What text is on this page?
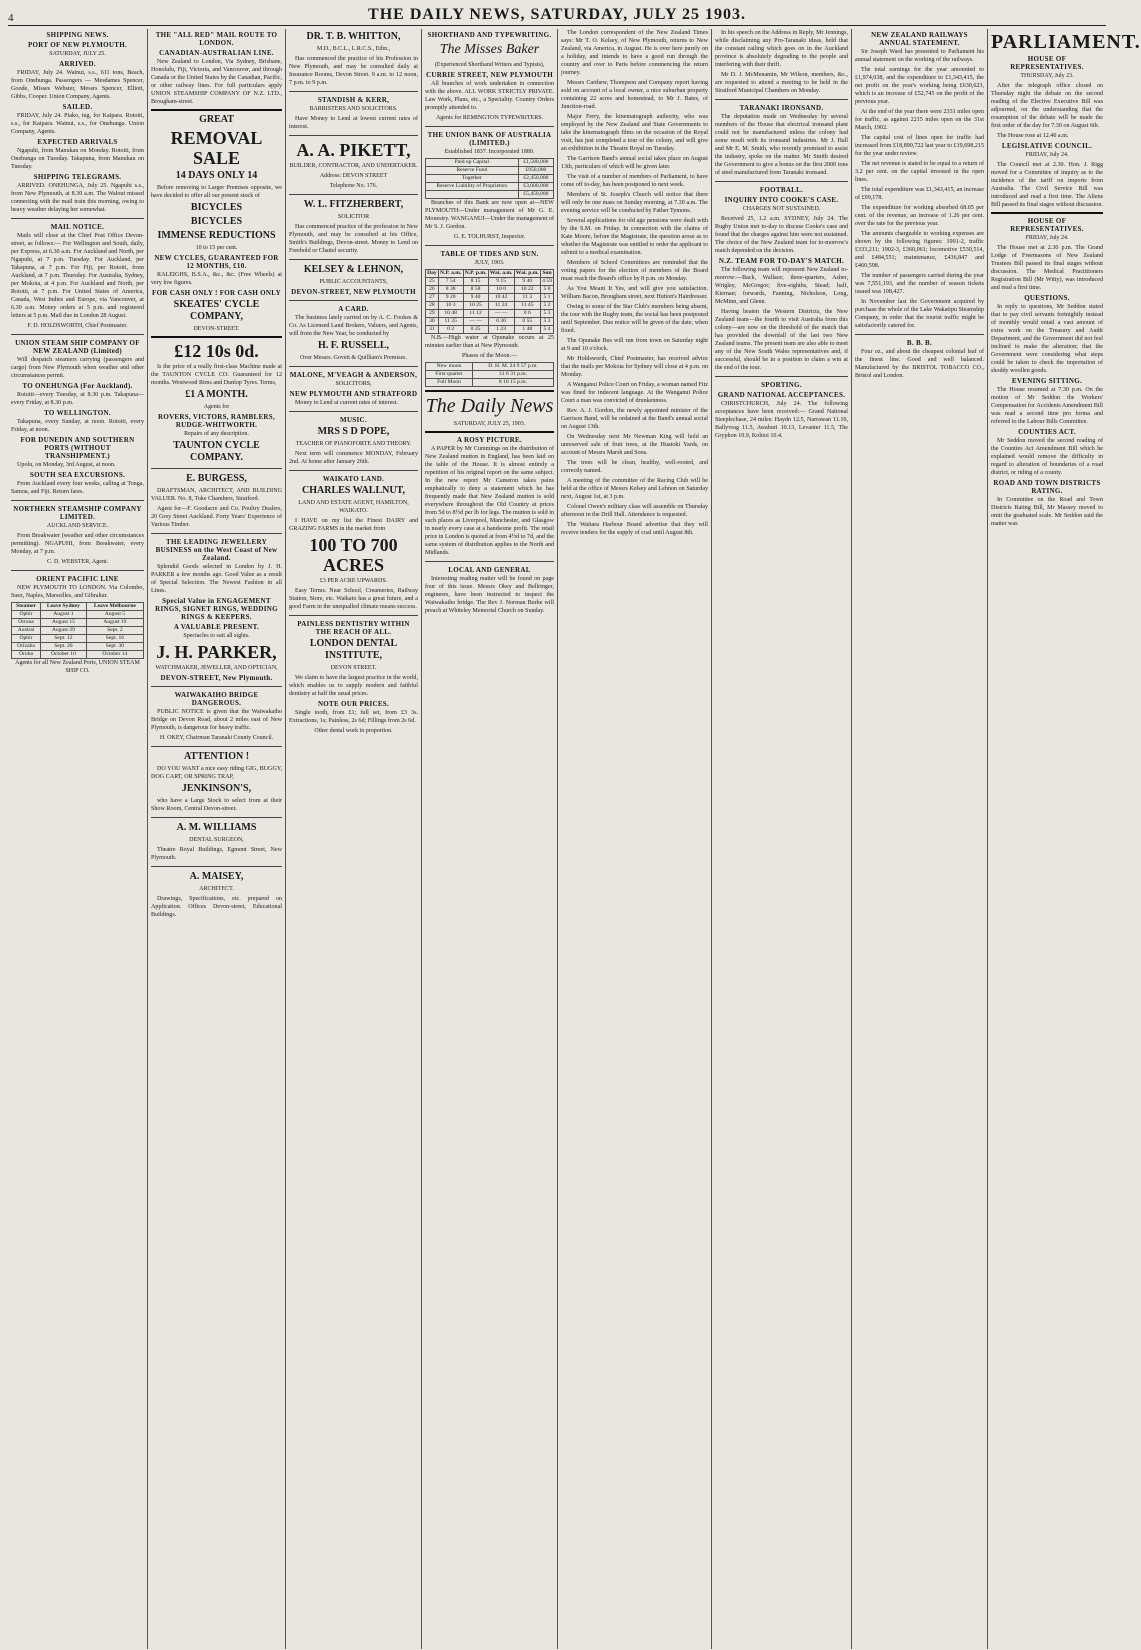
4	THE DAILY NEWS, SATURDAY, JULY 25 1903.
SHIPPING NEWS.
PORT OF NEW PLYMOUTH.
SATURDAY, JULY 25.
ARRIVED.
FRIDAY, July 24. Wainui, s.s., 611 tons, Beach, from Onehunga. Passengers — Mesdames Spencer, Goode, Misses Webster, Messrs Spencer, Elliott, Gibbs, Cooper. Union Company, Agents.
SAILED.
FRIDAY, July 24. Piako, tug, for Kaipara. Rotoiti, s.s., for Kaipara. Wainui, s.s., for Onehunga. Union Company, Agents.
EXPECTED ARRIVALS
Ngapuhi, from Manukau on Monday. Rotoiti, from Onehunga on Tuesday. Takapuna, from Manukau on Tuesday.
SHIPPING TELEGRAMS.
ARRIVED. ONEHUNGA, July 25. Ngapuhi s.s., from New Plymouth, at 8.30 a.m. The Walout missed connecting with the mail train this morning, owing to heavy weather delaying her somewhat.
MAIL NOTICE.
Mails will close at the Chief Post Office Devon-street, as follows:— For Wellington and South, daily, per Express, at 6.30 a.m. For Auckland and North, per Ngapuhi, at 7 p.m. Tuesday. For Auckland, per Takapuna, at 7 p.m. For Fiji, per Rotoiti, from Auckland, at 7 p.m. Thursday. For Australia, Sydney, per Mokoia, at 4 p.m. For Auckland and North, per Rotoiti, at 7 p.m. For United States of America, Canada, West Indies and Europe, via Vancouver, at 6.30 a.m. Money orders at 5 p.m. and registered letters at 5 p.m. Mail due in London 28 August.
F. D. HOLDSWORTH, Chief Postmaster.
UNION STEAM SHIP COMPANY OF NEW ZEALAND (Limited)
Will despatch steamers carrying (passengers and cargo) from New Plymouth when weather and other circumstances permit.
TO ONEHUNGA (For Auckland).
Rotoiti—every Tuesday, at 8.30 p.m. Takapuna—every Friday, at 8.30 p.m.
TO WELLINGTON.
Takapuna, every Sunday, at noon. Rotoiti, every Friday, at noon.
FOR DUNEDIN AND SOUTHERN PORTS (WITHOUT TRANSHIPMENT.)
Upolu, on Monday, 3rd August, at noon.
SOUTH SEA EXCURSIONS.
From Auckland every four weeks, calling at Tonga, Samoa, and Fiji. Return fares.
NORTHERN STEAMSHIP COMPANY LIMITED.
AUCKLAND SERVICE.
From Breakwater (weather and other circumstances permitting). NGAPUHI, from Breakwater, every Monday, at 7 p.m.
C. D. WEBSTER, Agent.
ORIENT PACIFIC LINE
NEW PLYMOUTH TO LONDON. Via Colombo, Suez, Naples, Marseilles, and Gibraltar.
Steamer	Leave Sydney	Leave Melbourne
Ophir	August 1	August 5
Ortona	August 15	August 19
Austral	August 29	Sept. 2
Ophir	Sept. 12	Sept. 16
Orizaba	Sept. 26	Sept. 30
Oruba	October 10	October 14
Agents for all New Zealand Ports, UNION STEAM SHIP CO.
THE "ALL RED" MAIL ROUTE TO LONDON.
CANADIAN-AUSTRALIAN LINE.
New Zealand to London, Via Sydney, Brisbane, Honolulu, Fiji, Victoria, and Vancouver, and through Canada or the United States by the Canadian, Pacific, or other railway lines. For full particulars apply UNION STEAMSHIP COMPANY OF N.Z. LTD., Brougham-street.
GREAT
REMOVAL SALE
14 DAYS ONLY 14
Before removing to Larger Premises opposite, we have decided to offer all our present stock of
BICYCLES
BICYCLES
IMMENSE REDUCTIONS
10 to 15 per cent.
NEW CYCLES, GUARANTEED FOR 12 MONTHS, £10.
RALEIGHS, B.S.A., &c., &c. (Free Wheels) at very low figures.
FOR CASH ONLY ! FOR CASH ONLY
SKEATES' CYCLE COMPANY,
DEVON-STREET.
£12 10s 0d.
Is the price of a really first-class Machine made at the TAUNTON CYCLE CO. Guaranteed for 12 months. Westwood Rims and Dunlop Tyres. Terms,
£1 A MONTH.
Agents for
ROVERS, VICTORS, RAMBLERS, RUDGE-WHITWORTH.
Repairs of any description.
TAUNTON CYCLE COMPANY.
E. BURGESS,
DRAFTSMAN, ARCHITECT, AND BUILDING VALUER. No. 8, Toke Chambers, Stratford.
Agent for—F. Goodacre and Co. Poultry Dealers, 20 Grey Street Auckland. Forty Years' Experience of Various Timber.
THE LEADING JEWELLERY BUSINESS on the West Coast of New Zealand.
Splendid Goods selected in London by J. H. PARKER a few months ago. Good Value as a result of Special Selection. The Newest Fashion in all Lines.
Special Value in ENGAGEMENT RINGS, SIGNET RINGS, WEDDING RINGS & KEEPERS.
A VALUABLE PRESENT.
Spectacles to suit all sights.
J. H. PARKER,
WATCHMAKER, JEWELLER, AND OPTICIAN,
DEVON-STREET, New Plymouth.
WAIWAKAIHO BRIDGE DANGEROUS.
PUBLIC NOTICE is given that the Waiwakaiho Bridge on Devon Road, about 2 miles east of New Plymouth, is dangerous for heavy traffic.
H. OKEY, Chairman Taranaki County Council.
ATTENTION !
DO YOU WANT a nice easy riding GIG, BUGGY, DOG CART, OR SPRING TRAP,
JENKINSON'S,
who have a Large Stock to select from at their Show Room, Central Devon-street.
A. M. WILLIAMS
DENTAL SURGEON,
Theatre Royal Buildings, Egmont Street, New Plymouth.
A. MAISEY,
ARCHITECT.
Drawings, Specifications, etc. prepared on Application. Offices Devon-street, Educational Buildings.
DR. T. B. WHITTON,
M.D., B.C.L., L.R.C.S., Edin.,
Has commenced the practice of his Profession in New Plymouth, and may be consulted daily at Insurance Rooms, Devon Street. 9 a.m. to 12 noon, 7 p.m. to 9 p.m.
STANDISH & KERR,
BARRISTERS AND SOLICITORS.
Have Money to Lend at lowest current rates of interest.
A. A. PIKETT,
BUILDER, CONTRACTOR, AND UNDERTAKER.
Address: DEVON STREET
Telephone No. 176.
W. L. FITZHERBERT,
SOLICITOR
Has commenced practice of the profession in New Plymouth, and may be consulted at his Office, Smith's Buildings, Devon-street. Money to Lend on Freehold or Chattel security.
KELSEY & LEHNON,
PUBLIC ACCOUNTANTS,
DEVON-STREET, NEW PLYMOUTH
A CARD.
The business lately carried on by A. C. Fookes & Co. As Licensed Land Brokers, Valuers, and Agents, will from the New Year, be conducted by
H. F. RUSSELL,
Over Messrs. Govett & Quilliam's Premises.
MALONE, M'VEAGH & ANDERSON,
SOLICITORS,
NEW PLYMOUTH AND STRATFORD
Money to Lend at current rates of interest.
MUSIC.
MRS S D POPE,
TEACHER OF PIANOFORTE AND THEORY.
Next term will commence MONDAY, February 2nd. At home after January 26th.
WAIKATO LAND.
CHARLES WALLNUT,
LAND AND ESTATE AGENT, HAMILTON, WAIKATO.
I HAVE on my list the Finest DAIRY and GRAZING FARMS in the market from
100 TO 700 ACRES
£3 PER ACRE UPWARDS.
Easy Terms. Near School, Creameries, Railway Station, Store, etc. Waikato has a great future, and a good Farm in the unequalled climate means success.
PAINLESS DENTISTRY WITHIN THE REACH OF ALL.
LONDON DENTAL INSTITUTE,
DEVON STREET.
We claim to have the largest practice in the world, which enables us to supply modern and faithful dentistry at half the usual prices.
NOTE OUR PRICES.
Single tooth, from £1; full set, from £3 3s. Extractions, 1s; Painless, 2s 6d; Fillings from 2s 6d.
Other dental work in proportion.
SHORTHAND AND TYPEWRITING.
The Misses Baker
(Experienced Shorthand Writers and Typists),
CURRIE STREET, NEW PLYMOUTH
All branches of work undertaken in connection with the above. ALL WORK STRICTLY PRIVATE. Law Work, Plans, etc., a Speciality. Country Orders promptly attended to.
Agents for REMINGTON TYPEWRITERS.
THE UNION BANK OF AUSTRALIA (LIMITED.)
Established 1837. Incorporated 1880.
Paid up Capital	£1,500,000
Reserve Fund	£950,000
Together	£2,450,000
Reserve Liability of Proprietors	£3,000,000
	£5,450,000
Branches of this Bank are now open at—NEW PLYMOUTH—Under management of Mr G. E. Monestry. WANGANUI—Under the management of Mr S. J. Gordon.
G. E. TOLHURST, Inspector.
TABLE OF TIDES AND SUN.
JULY, 1903.
Day	N.P. a.m.	N.P. p.m.	Wai. a.m.	Wai. p.m.	Sun
25	7 54	8 15	9 15	9 40	4 59
26	8 38	8 58	10 0	10 22	5 0
27	9 20	9 40	10 42	11 3	5 1
28	10 3	10 25	11 24	11 45	5 2
29	10 48	11 12	— —	0 6	5 3
30	11 35	— —	0 30	0 55	5 3
31	0 2	0 25	1 23	1 48	5 4
N.B.—High water at Opunake occurs at 25 minutes earlier than at New Plymouth.
Phases of the Moon.—
New moon	D. H. M. 24 9 57 p.m.
First quarter	31 6 31 p.m.
Full Moon	8 10 15 p.m.
The Daily News
SATURDAY, JULY 25, 1903.
A ROSY PICTURE.
A PAPER by Mr Cummings on the distribution of New Zealand mutton in England, has been laid on the table of the House. It is almost entirely a repetition of his original report on the same subject. In the new report Mr Cameron takes pains emphatically to deny a statement which he has frequently made that New Zealand mutton is sold everywhere throughout the Old Country at prices from 5d to 8½d per lb for legs. The mutton is sold in such places as Liverpool, Manchester, and Glasgow in nearly every case at a handsome profit. The retail price in London is quoted at from 4½d to 7d, and the same system of distribution applies to the North and Midlands.
LOCAL AND GENERAL
Interesting reading matter will be found on page four of this issue. Messrs Okey and Bellringer, engineers, have been instructed to inspect the Waiwakaiho bridge. The Rev J. Norman Burke will preach at Whiteley Memorial Church on Sunday.
The London correspondent of the New Zealand Times says: Mr T. O. Kelsey, of New Plymouth, returns to New Zealand, via America, in August. He is over here purely on a holiday, and intends to have a good run through the country and over to Paris before commencing the return journey.
Messrs Carthew, Thompson and Company report having sold on account of a local owner, a nice suburban property containing 22 acres and homestead, to Mr J. Bates, of Junction-road.
Major Ferry, the kinematograph authority, who was employed by the New Zealand and State Governments to take the kinematograph films on the occasion of the Royal visit, has just completed a tour of the colony, and will give an exhibition in the Theatre Royal on Tuesday.
The Garrison Band's annual social takes place on August 13th, particulars of which will be given later.
The visit of a number of members of Parliament, to have come off to-day, has been postponed to next week.
Members of St. Joseph's Church will notice that there will only be one mass on Sunday morning, at 7.30 a.m. The evening service will be conducted by Father Tymons.
Several applications for old age pensions were dealt with by the S.M. on Friday. In connection with the claims of Kate Moore, before the Magistrate, the question arose as to whether the Magistrate was entitled to order the applicant to submit to a medical examination.
Members of School Committees are reminded that the voting papers for the election of members of the Board must reach the Board's office by 8 p.m. on Monday.
As You Meant It Yes, and will give you satisfaction. William Bacon, Brougham street, next Hutton's Hairdresser.
Owing to some of the Star Club's members being absent, the tour with the Rugby team, the social has been postponed until September. Due notice will be given of the date, when fixed.
The Opunake Bus will run from town on Saturday night at 9 and 10 o'clock.
Mr Holdsworth, Chief Postmaster, has received advice that the mails per Mokoia for Sydney will close at 4 p.m. on Monday.
A Wanganui Police Court on Friday, a woman named Fitz was fined for indecent language. At the Wanganui Police Court a man was convicted of drunkenness.
Rev. A. J. Gordon, the newly appointed minister of the Garrison Band, will be ordained at the Band's annual social on August 13th.
On Wednesday next Mr Newman King will hold an unreserved sale of fruit trees, at the Huatoki Yards, on account of Messrs Marsh and Sons.
The trees will be clean, healthy, well-rooted, and correctly named.
A meeting of the committee of the Racing Club will be held at the office of Messrs Kelsey and Lehnon on Saturday next, August 1st, at 3 p.m.
Colonel Owen's military class will assemble on Thursday afternoon in the Drill Hall. Attendance is requested.
The Waitara Harbour Board advertise that they will receive tenders for the supply of coal until August 8th.
In his speech on the Address in Reply, Mr Jennings, while disclaiming any Pro-Taranaki ideas, held that the constant railing which goes on in the Auckland province is absolutely degrading to the people and interfering with their thrift.
Mr D. J. McMenamin, Mr Wilson, members, &c., are requested to attend a meeting to be held in the Stratford Municipal Chambers on Monday.
TARANAKI IRONSAND.
The deputation made on Wednesday by several members of the House that electrical ironsand plant could not be manufactured unless the colony had some result with its ironsand industries. Mr J. Hall and Mr E. M. Smith, who recently promised to assist the industry, spoke on the matter. Mr Smith desired the Government to give a bonus on the first 2000 tons of steel manufactured from Taranaki ironsand.
FOOTBALL.
INQUIRY INTO COOKE'S CASE.
CHARGES NOT SUSTAINED.
Received 25, 1.2 a.m. SYDNEY, July 24. The Rugby Union met to-day to discuss Cooke's case and found that the charges against him were not sustained. The choice of the New Zealand team for to-morrow's match depended on the decision.
N.Z. TEAM FOR TO-DAY'S MATCH.
The following team will represent New Zealand to-morrow:—Back, Wallace; three-quarters, Asher, Wrigley, McGregor; five-eighths, Stead; half, Kiernan; forwards, Fanning, Nicholson, Long, McMinn, and Glenn.
Having beaten the Western Districts, the New Zealand team—the fourth to visit Australia from this colony—are now on the threshold of the match that has provided the downfall of the last two New Zealand teams. The present team are also able to meet any of the New South Wales representatives and, if successful, should be in a position to claim a win at the end of the tour.
SPORTING.
GRAND NATIONAL ACCEPTANCES.
CHRISTCHURCH, July 24. The following acceptances have been received:— Grand National Steeplechase, 24 miles: Haydn 12.5, Narrawan 11.10, Ballyvrag 11.5, Awahuri 10.13, Levanter 11.5, The Gryphon 10.9, Kohioi 10.4.
NEW ZEALAND RAILWAYS ANNUAL STATEMENT.
Sir Joseph Ward has presented to Parliament his annual statement on the working of the railways.
The total earnings for the year amounted to £1,974,038, and the expenditure to £1,343,415, the net profit on the year's working being £630,623, which is an increase of £52,745 on the profit of the previous year.
At the end of the year there were 2331 miles open for traffic, as against 2215 miles open on the 31st March, 1902.
The capital cost of lines open for traffic had increased from £18,890,722 last year to £19,698,215 for the year under review.
The net revenue is stated to be equal to a return of 3.2 per cent. on the capital invested in the open lines.
The total expenditure was £1,343,415, an increase of £99,178.
The expenditure for working absorbed 68.05 per cent. of the revenue, an increase of 1.26 per cent. over the rate for the previous year.
The amounts chargeable to working expenses are shown by the following figures: 1901-2, traffic £333,211; 1902-3, £360,061; locomotive £530,514, and £484,551; maintenance, £436,847 and £460,598.
The number of passengers carried during the year was 7,551,193, and the number of season tickets issued was 108,427.
In November last the Government acquired by purchase the whole of the Lake Wakatipu Steamship Company, in order that the tourist traffic might be satisfactorily catered for.
B. B. B.
Four oz., and about the cheapest colonial leaf of the finest line. Good and well balanced. Manufactured by the BRISTOL TOBACCO CO., Bristol and London.
PARLIAMENT.
HOUSE OF REPRESENTATIVES.
THURSDAY, July 23.
After the telegraph office closed on Thursday night the debate on the second reading of the Elective Executive Bill was adjourned, on the understanding that the resumption of the debate will be made the first order of the day for 7.30 on August 6th.
The House rose at 12.40 a.m.
LEGISLATIVE COUNCIL.
FRIDAY, July 24.
The Council met at 2.30. Hon. J. Rigg moved for a Committee of inquiry as to the incidence of the tariff on imports from Australia. The Civil Service Bill was introduced and read a first time. The Aliens Bill passed its final stages without discussion.
HOUSE OF REPRESENTATIVES.
FRIDAY, July 24.
The House met at 2.30 p.m. The Grand Lodge of Freemasons of New Zealand Trustees Bill passed its final stages without discussion. The Medical Practitioners Registration Bill (Mr Witty), was introduced and read a first time.
QUESTIONS.
In reply to questions, Mr Seddon stated that to pay civil servants fortnightly instead of monthly would entail a vast amount of extra work on the Treasury and Audit Department, and the Government did not feel inclined to make the alteration; that the Government were considering what steps could be taken to check the importation of shoddy woollen goods.
EVENING SITTING.
The House resumed at 7.30 p.m. On the motion of Mr Seddon the Workers' Compensation for Accidents Amendment Bill was read a second time pro forma and referred to the Labour Bills Committee.
COUNTIES ACT.
Mr Seddon moved the second reading of the Counties Act Amendment Bill which he explained would remove the difficulty in regard to alteration of boundaries of a road district, or riding of a county.
ROAD AND TOWN DISTRICTS RATING.
In Committee on the Road and Town Districts Rating Bill, Mr Massey moved to omit the graduated scale. Mr Seddon said the matter was
